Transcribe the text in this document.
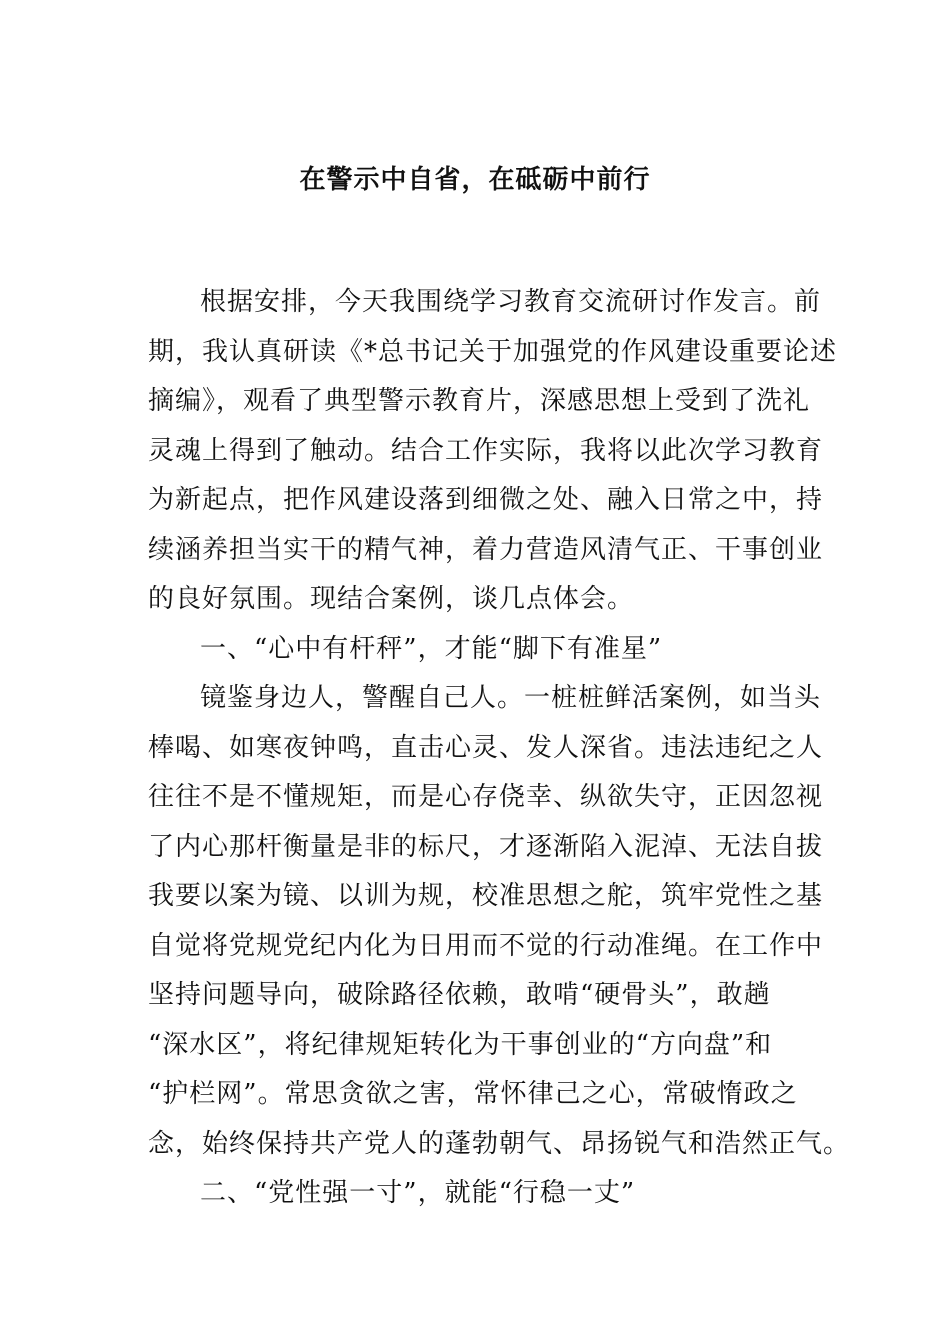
在警示中自省，在砥砺中前行
根据安排，今天我围绕学习教育交流研讨作发言。前
期，我认真研读《*总书记关于加强党的作风建设重要论述
摘编》，观看了典型警示教育片，深感思想上受到了洗礼
灵魂上得到了触动。结合工作实际，我将以此次学习教育
为新起点，把作风建设落到细微之处、融入日常之中，持
续涵养担当实干的精气神，着力营造风清气正、干事创业
的良好氛围。现结合案例，谈几点体会。
一、“心中有杆秤”，才能“脚下有准星”
镜鉴身边人，警醒自己人。一桩桩鲜活案例，如当头
棒喝、如寒夜钟鸣，直击心灵、发人深省。违法违纪之人
往往不是不懂规矩，而是心存侥幸、纵欲失守，正因忽视
了内心那杆衡量是非的标尺，才逐渐陷入泥淖、无法自拔
我要以案为镜、以训为规，校准思想之舵，筑牢党性之基
自觉将党规党纪内化为日用而不觉的行动准绳。在工作中
坚持问题导向，破除路径依赖，敢啃“硬骨头”，敢趟
“深水区”，将纪律规矩转化为干事创业的“方向盘”和
“护栏网”。常思贪欲之害，常怀律己之心，常破惰政之
念，始终保持共产党人的蓬勃朝气、昂扬锐气和浩然正气。
二、“党性强一寸”，就能“行稳一丈”
